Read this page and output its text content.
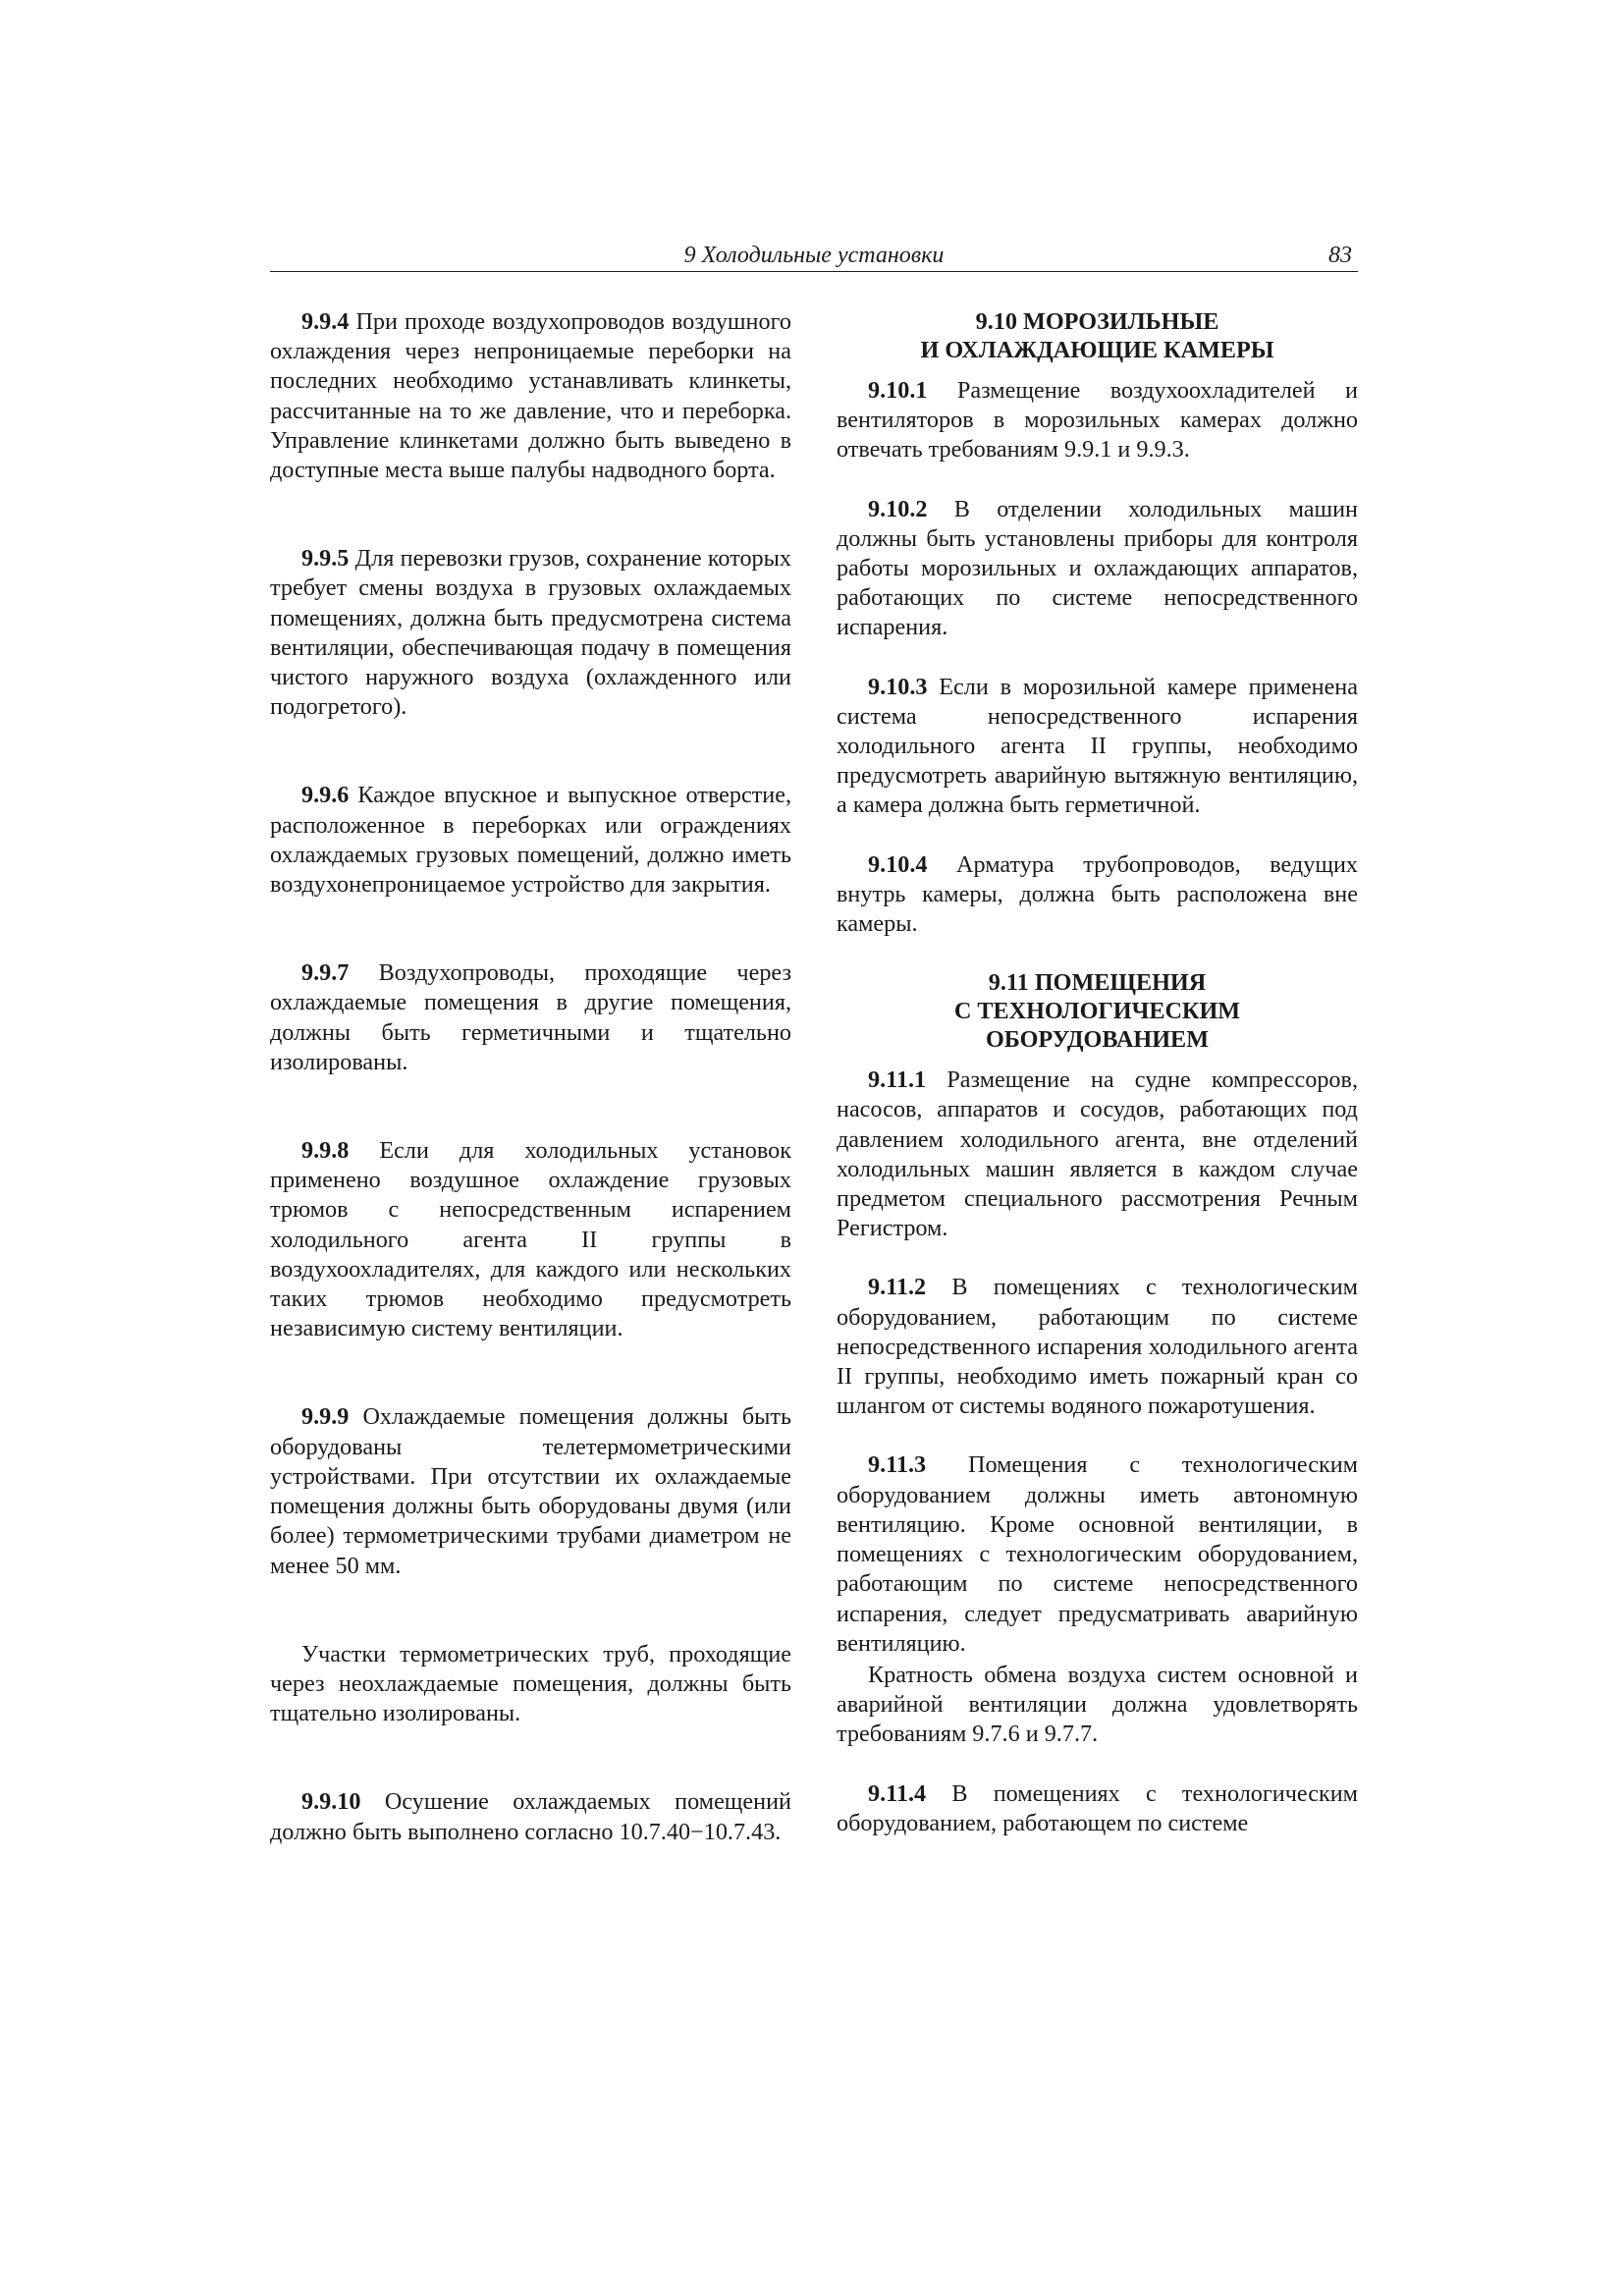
9 Холодильные установки	83

9.9.4 При проходе воздухопроводов воздушного охлаждения через непроницаемые переборки на последних необходимо устанавливать клинкеты, рассчитанные на то же давление, что и переборка. Управление клинкетами должно быть выведено в доступные места выше палубы надводного борта.

9.9.5 Для перевозки грузов, сохранение которых требует смены воздуха в грузовых охлаждаемых помещениях, должна быть предусмотрена система вентиляции, обеспечивающая подачу в помещения чистого наружного воздуха (охлажденного или подогретого).

9.9.6 Каждое впускное и выпускное отверстие, расположенное в переборках или ограждениях охлаждаемых грузовых помещений, должно иметь воздухонепроницаемое устройство для закрытия.

9.9.7 Воздухопроводы, проходящие через охлаждаемые помещения в другие помещения, должны быть герметичными и тщательно изолированы.

9.9.8 Если для холодильных установок применено воздушное охлаждение грузовых трюмов с непосредственным испарением холодильного агента II группы в воздухоохладителях, для каждого или нескольких таких трюмов необходимо предусмотреть независимую систему вентиляции.

9.9.9 Охлаждаемые помещения должны быть оборудованы телетермометрическими устройствами. При отсутствии их охлаждаемые помещения должны быть оборудованы двумя (или более) термометрическими трубами диаметром не менее 50 мм.

Участки термометрических труб, проходящие через неохлаждаемые помещения, должны быть тщательно изолированы.

9.9.10 Осушение охлаждаемых помещений должно быть выполнено согласно 10.7.40−10.7.43.

9.10 МОРОЗИЛЬНЫЕ
И ОХЛАЖДАЮЩИЕ КАМЕРЫ

9.10.1 Размещение воздухоохладителей и вентиляторов в морозильных камерах должно отвечать требованиям 9.9.1 и 9.9.3.

9.10.2 В отделении холодильных машин должны быть установлены приборы для контроля работы морозильных и охлаждающих аппаратов, работающих по системе непосредственного испарения.

9.10.3 Если в морозильной камере применена система непосредственного испарения холодильного агента II группы, необходимо предусмотреть аварийную вытяжную вентиляцию, а камера должна быть герметичной.

9.10.4 Арматура трубопроводов, ведущих внутрь камеры, должна быть расположена вне камеры.

9.11 ПОМЕЩЕНИЯ
С ТЕХНОЛОГИЧЕСКИМ
ОБОРУДОВАНИЕМ

9.11.1 Размещение на судне компрессоров, насосов, аппаратов и сосудов, работающих под давлением холодильного агента, вне отделений холодильных машин является в каждом случае предметом специального рассмотрения Речным Регистром.

9.11.2 В помещениях с технологическим оборудованием, работающим по системе непосредственного испарения холодильного агента II группы, необходимо иметь пожарный кран со шлангом от системы водяного пожаротушения.

9.11.3 Помещения с технологическим оборудованием должны иметь автономную вентиляцию. Кроме основной вентиляции, в помещениях с технологическим оборудованием, работающим по системе непосредственного испарения, следует предусматривать аварийную вентиляцию.

Кратность обмена воздуха систем основной и аварийной вентиляции должна удовлетворять требованиям 9.7.6 и 9.7.7.

9.11.4 В помещениях с технологическим оборудованием, работающем по системе
